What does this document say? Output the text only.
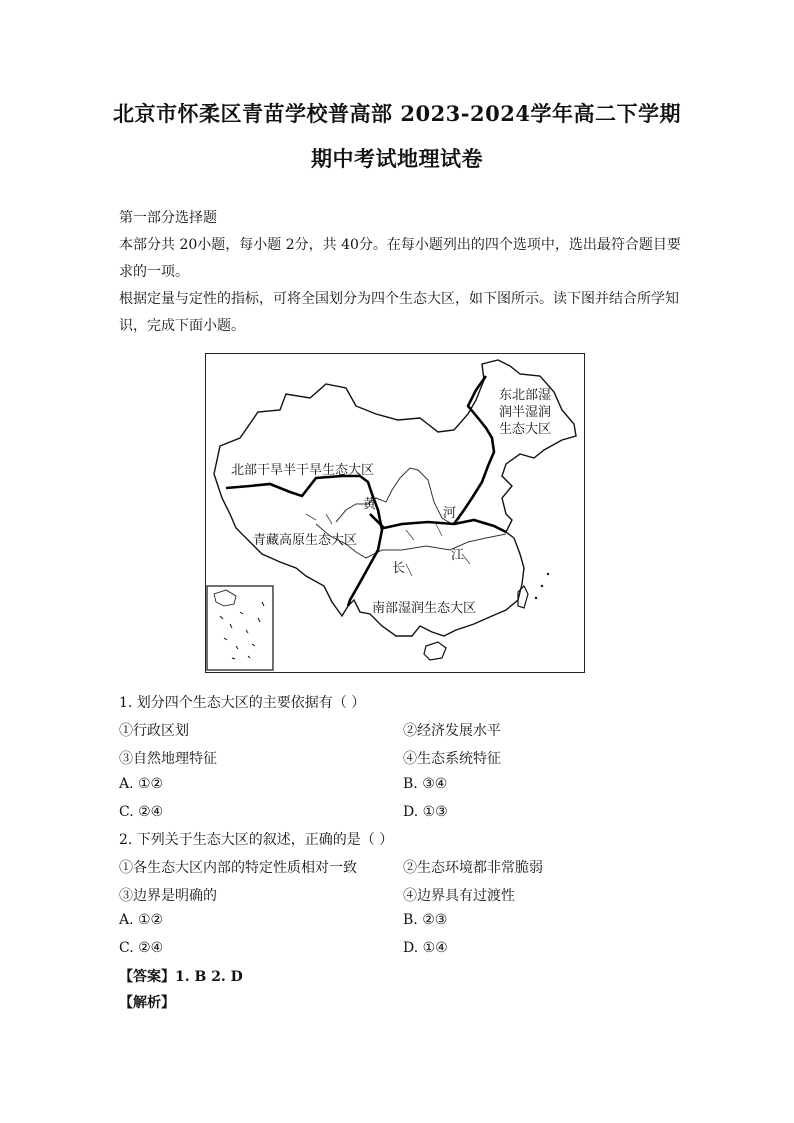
北京市怀柔区青苗学校普高部 2023-2024学年高二下学期
期中考试地理试卷
第一部分选择题
本部分共 20小题，每小题 2分，共 40分。在每小题列出的四个选项中，选出最符合题目要
求的一项。
根据定量与定性的指标，可将全国划分为四个生态大区，如下图所示。读下图并结合所学知
识，完成下面小题。
东北部湿润半湿润生态大区
北部干旱半干旱生态大区
青藏高原生态大区
南部湿润生态大区
黄
河
长
江
1. 划分四个生态大区的主要依据有（ ）
①行政区划	②经济发展水平
③自然地理特征	④生态系统特征
A. ①②	B. ③④
C. ②④	D. ①③
2. 下列关于生态大区的叙述，正确的是（ ）
①各生态大区内部的特定性质相对一致	②生态环境都非常脆弱
③边界是明确的	④边界具有过渡性
A. ①②	B. ②③
C. ②④	D. ①④
【答案】1. B 2. D
【解析】
